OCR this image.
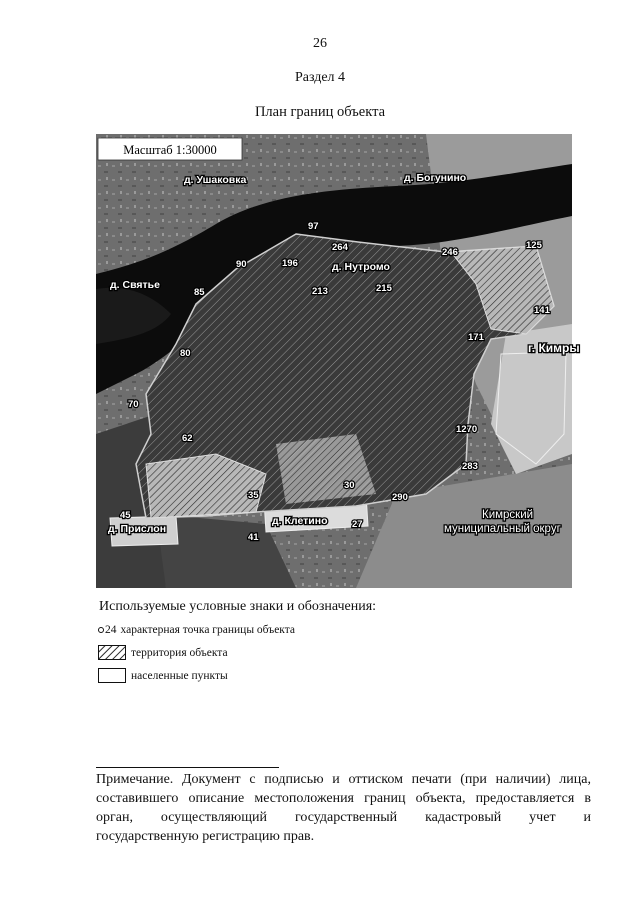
26
Раздел 4
План границ объекта
Масштаб 1:30000
д. Ушаковка	д. Богунино
д. Святье
д. Нутромо
г. Кимры
Кимрский
муниципальный округ
д. Прислон
д. Клетино
97
264	246
125
90	196
213	215
85
141
171
80
70
62
1270
283
30
35	290
45
27
41
Используемые условные знаки и обозначения:
24 характерная точка границы объекта
территория объекта
населенные пункты
Примечание. Документ с подписью и оттиском печати (при наличии) лица,
составившего описание местоположения границ объекта, предоставляется в
орган, осуществляющий государственный кадастровый учет и
государственную регистрацию прав.
